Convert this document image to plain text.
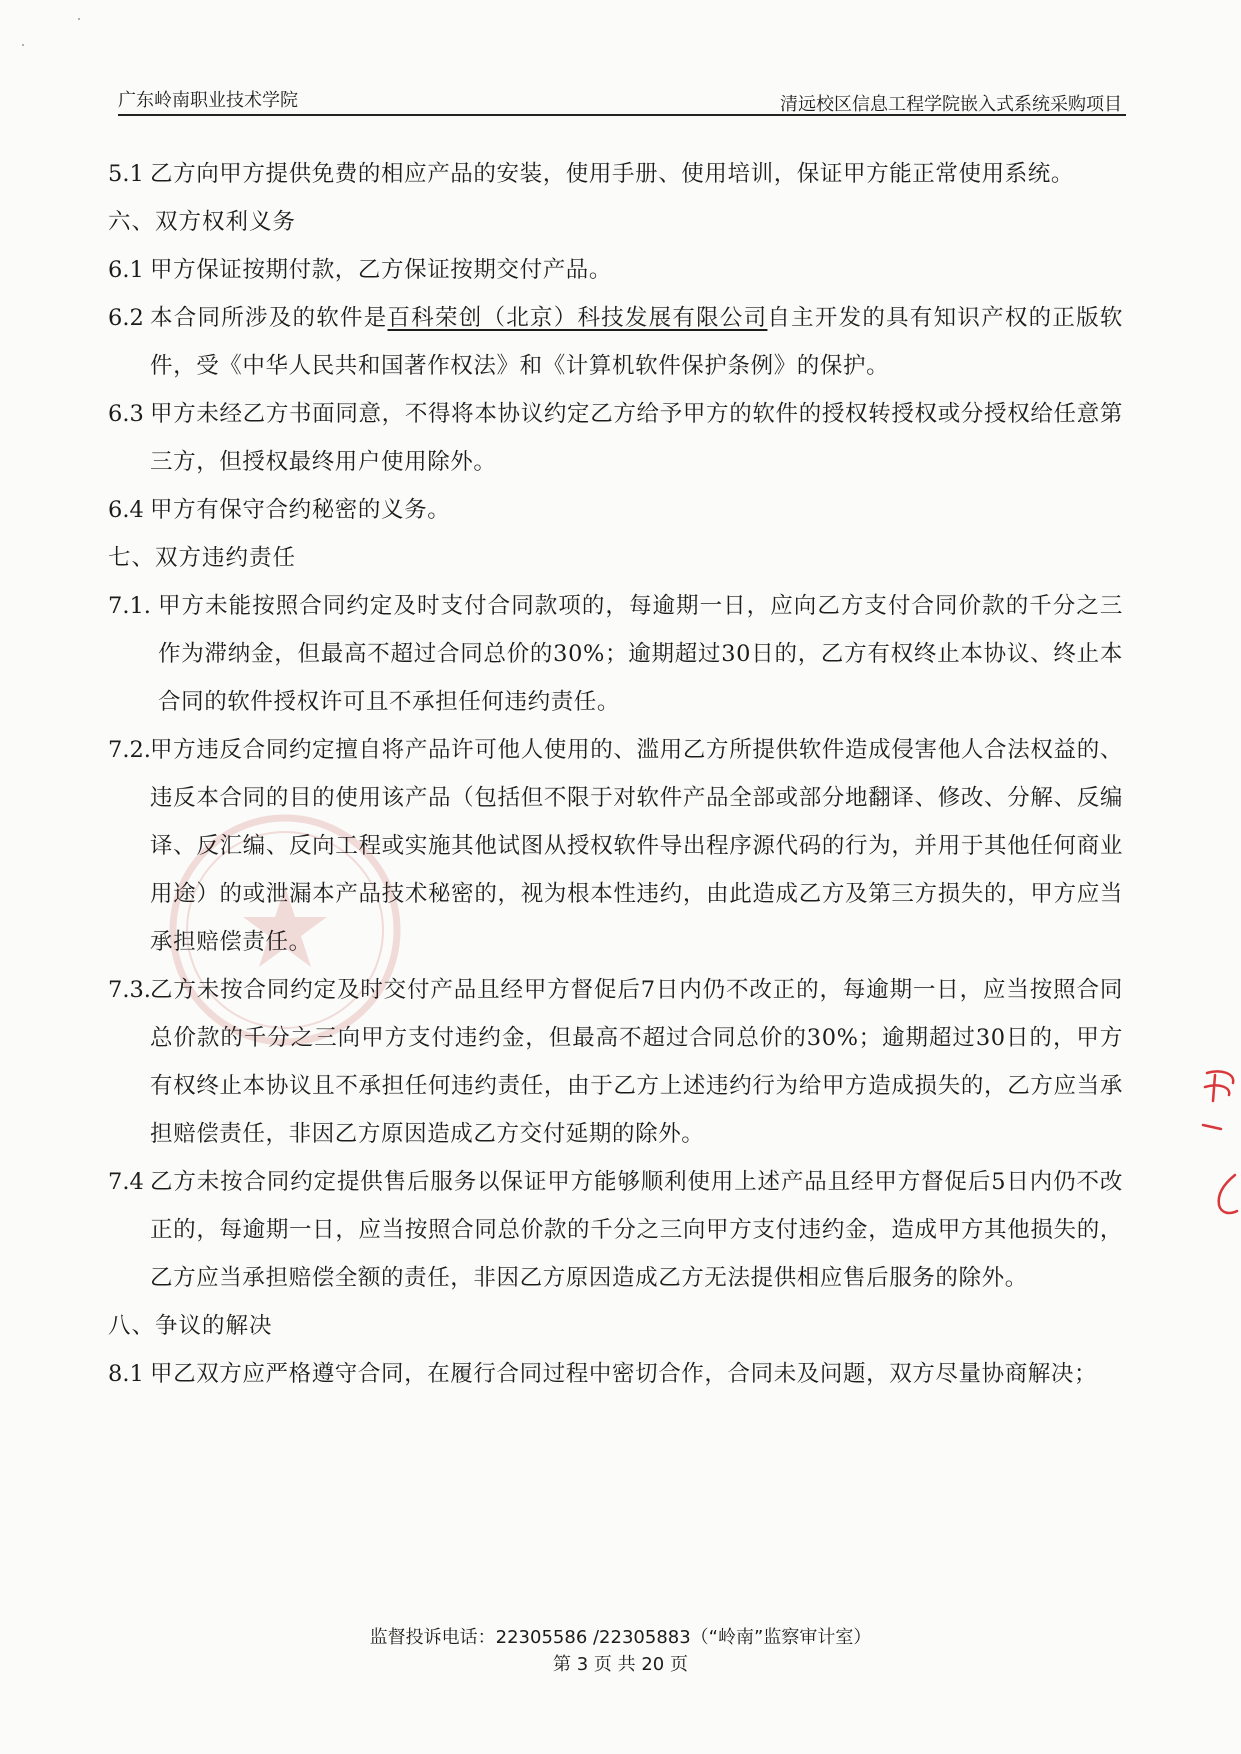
广东岭南职业技术学院	清远校区信息工程学院嵌入式系统采购项目
5.1 乙方向甲方提供免费的相应产品的安装，使用手册、使用培训，保证甲方能正常使用系统。
六、双方权利义务
6.1 甲方保证按期付款，乙方保证按期交付产品。
6.2 本合同所涉及的软件是百科荣创（北京）科技发展有限公司自主开发的具有知识产权的正版软件，受《中华人民共和国著作权法》和《计算机软件保护条例》的保护。
6.3 甲方未经乙方书面同意，不得将本协议约定乙方给予甲方的软件的授权转授权或分授权给任意第三方，但授权最终用户使用除外。
6.4 甲方有保守合约秘密的义务。
七、双方违约责任
7.1. 甲方未能按照合同约定及时支付合同款项的，每逾期一日，应向乙方支付合同价款的千分之三作为滞纳金，但最高不超过合同总价的30%；逾期超过30日的，乙方有权终止本协议、终止本合同的软件授权许可且不承担任何违约责任。
7.2. 甲方违反合同约定擅自将产品许可他人使用的、滥用乙方所提供软件造成侵害他人合法权益的、违反本合同的目的使用该产品（包括但不限于对软件产品全部或部分地翻译、修改、分解、反编译、反汇编、反向工程或实施其他试图从授权软件导出程序源代码的行为，并用于其他任何商业用途）的或泄漏本产品技术秘密的，视为根本性违约，由此造成乙方及第三方损失的，甲方应当承担赔偿责任。
7.3. 乙方未按合同约定及时交付产品且经甲方督促后7日内仍不改正的，每逾期一日，应当按照合同总价款的千分之三向甲方支付违约金，但最高不超过合同总价的30%；逾期超过30日的，甲方有权终止本协议且不承担任何违约责任，由于乙方上述违约行为给甲方造成损失的，乙方应当承担赔偿责任，非因乙方原因造成乙方交付延期的除外。
7.4 乙方未按合同约定提供售后服务以保证甲方能够顺利使用上述产品且经甲方督促后5日内仍不改正的，每逾期一日，应当按照合同总价款的千分之三向甲方支付违约金，造成甲方其他损失的，乙方应当承担赔偿全额的责任，非因乙方原因造成乙方无法提供相应售后服务的除外。
八、争议的解决
8.1 甲乙双方应严格遵守合同，在履行合同过程中密切合作，合同未及问题，双方尽量协商解决；
监督投诉电话：22305586 /22305883（“岭南”监察审计室）
第 3 页 共 20 页
